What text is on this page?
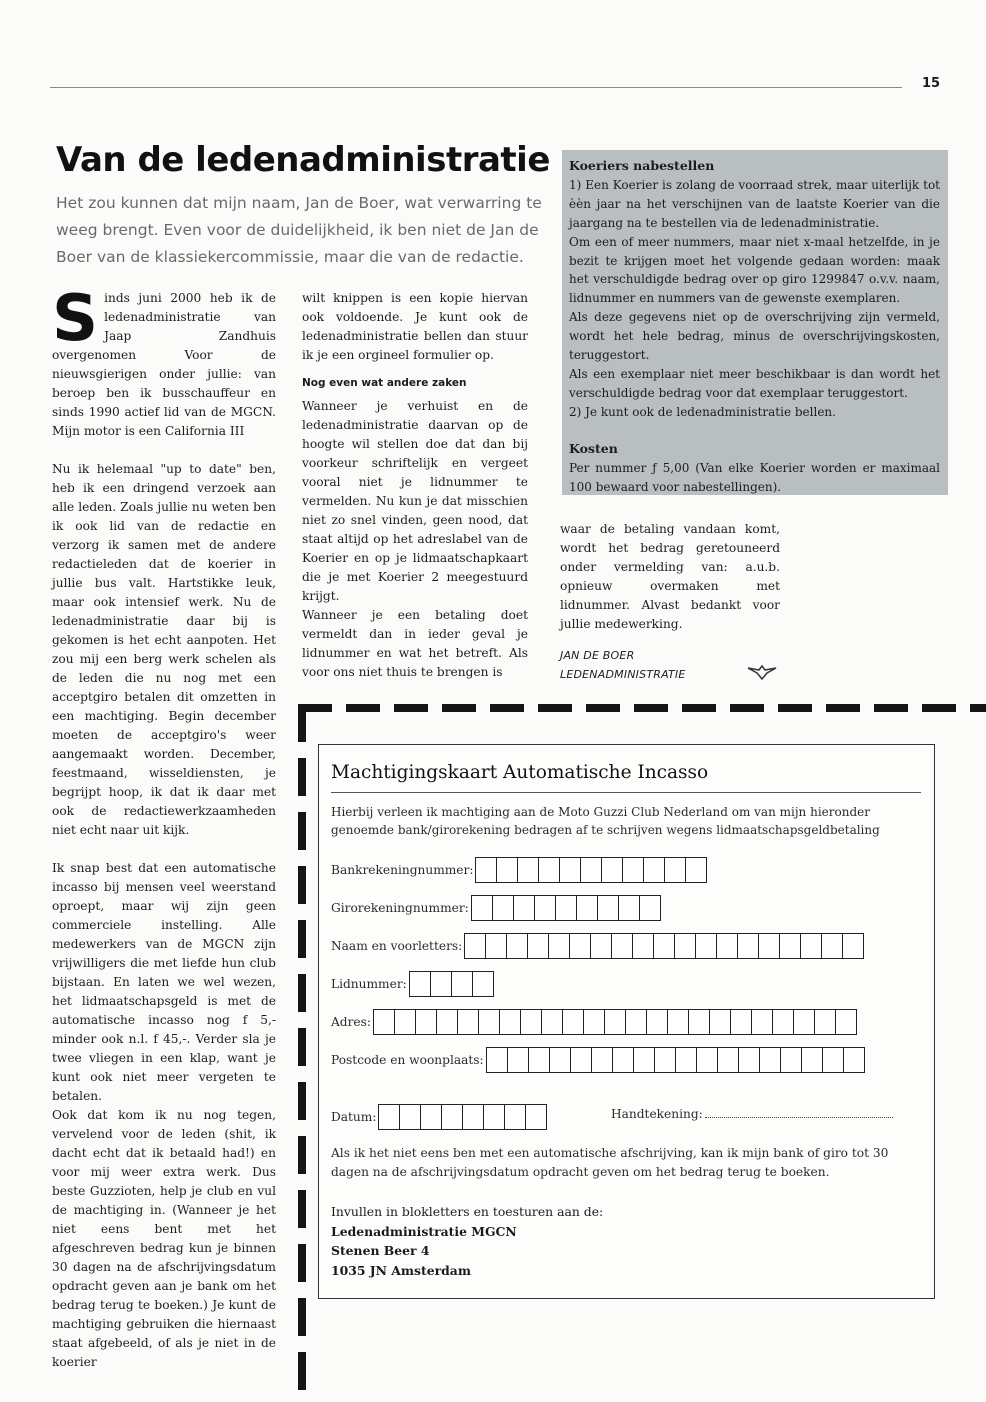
15
Van de ledenadministratie
Het zou kunnen dat mijn naam, Jan de Boer, wat verwarring te weeg brengt. Even voor de duidelijkheid, ik ben niet de Jan de Boer van de klassiekercommissie, maar die van de redactie.

S inds juni 2000 heb ik de ledenadministratie van Jaap Zandhuis overgenomen Voor de nieuwsgierigen onder jullie: van beroep ben ik busschauffeur en sinds 1990 actief lid van de MGCN. Mijn motor is een California III

Nu ik helemaal "up to date" ben, heb ik een dringend verzoek aan alle leden. Zoals jullie nu weten ben ik ook lid van de redactie en verzorg ik samen met de andere redactieleden dat de koerier in jullie bus valt. Hartstikke leuk, maar ook intensief werk. Nu de ledenadministratie daar bij is gekomen is het echt aanpoten. Het zou mij een berg werk schelen als de leden die nu nog met een acceptgiro betalen dit omzetten in een machtiging. Begin december moeten de acceptgiro's weer aangemaakt worden. December, feestmaand, wisseldiensten, je begrijpt hoop, ik dat ik daar met ook de redactiewerkzaamheden niet echt naar uit kijk.

Ik snap best dat een automatische incasso bij mensen veel weerstand oproept, maar wij zijn geen commerciele instelling. Alle medewerkers van de MGCN zijn vrijwilligers die met liefde hun club bijstaan. En laten we wel wezen, het lidmaatschapsgeld is met de automatische incasso nog f 5,- minder ook n.l. f 45,-. Verder sla je twee vliegen in een klap, want je kunt ook niet meer vergeten te betalen.

Ook dat kom ik nu nog tegen, vervelend voor de leden (shit, ik dacht echt dat ik betaald had!) en voor mij weer extra werk. Dus beste Guzzioten, help je club en vul de machtiging in. (Wanneer je het niet eens bent met het afgeschreven bedrag kun je binnen 30 dagen na de afschrijvingsdatum opdracht geven aan je bank om het bedrag terug te boeken.) Je kunt de machtiging gebruiken die hiernaast staat afgebeeld, of als je niet in de koerier

wilt knippen is een kopie hiervan ook voldoende. Je kunt ook de ledenadministratie bellen dan stuur ik je een orgineel formulier op.

Nog even wat andere zaken

Wanneer je verhuist en de ledenadministratie daarvan op de hoogte wil stellen doe dat dan bij voorkeur schriftelijk en vergeet vooral niet je lidnummer te vermelden. Nu kun je dat misschien niet zo snel vinden, geen nood, dat staat altijd op het adreslabel van de Koerier en op je lidmaatschapkaart die je met Koerier 2 meegestuurd krijgt.

Wanneer je een betaling doet vermeldt dan in ieder geval je lidnummer en wat het betreft. Als voor ons niet thuis te brengen is

waar de betaling vandaan komt, wordt het bedrag geretouneerd onder vermelding van: a.u.b. opnieuw overmaken met lidnummer. Alvast bedankt voor jullie medewerking.

JAN DE BOER
LEDENADMINISTRATIE
Koeriers nabestellen

1) Een Koerier is zolang de voorraad strek, maar uiterlijk tot èèn jaar na het verschijnen van de laatste Koerier van die jaargang na te bestellen via de ledenadministratie.

Om een of meer nummers, maar niet x-maal hetzelfde, in je bezit te krijgen moet het volgende gedaan worden: maak het verschuldigde bedrag over op giro 1299847 o.v.v. naam, lidnummer en nummers van de gewenste exemplaren.

Als deze gegevens niet op de overschrijving zijn vermeld, wordt het hele bedrag, minus de overschrijvingskosten, teruggestort.

Als een exemplaar niet meer beschikbaar is dan wordt het verschuldigde bedrag voor dat exemplaar teruggestort.

2) Je kunt ook de ledenadministratie bellen.

Kosten

Per nummer ƒ 5,00 (Van elke Koerier worden er maximaal 100 bewaard voor nabestellingen).

Machtigingskaart Automatische Incasso
Hierbij verleen ik machtiging aan de Moto Guzzi Club Nederland om van mijn hieronder genoemde bank/girorekening bedragen af te schrijven wegens lidmaatschapsgeldbetaling
Bankrekeningnummer:
Girorekeningnummer:
Naam en voorletters:
Lidnummer:
Adres:
Postcode en woonplaats:
Datum:	Handtekening:
Als ik het niet eens ben met een automatische afschrijving, kan ik mijn bank of giro tot 30 dagen na de afschrijvingsdatum opdracht geven om het bedrag terug te boeken.
Invullen in blokletters en toesturen aan de:
Ledenadministratie MGCN
Stenen Beer 4
1035 JN Amsterdam
